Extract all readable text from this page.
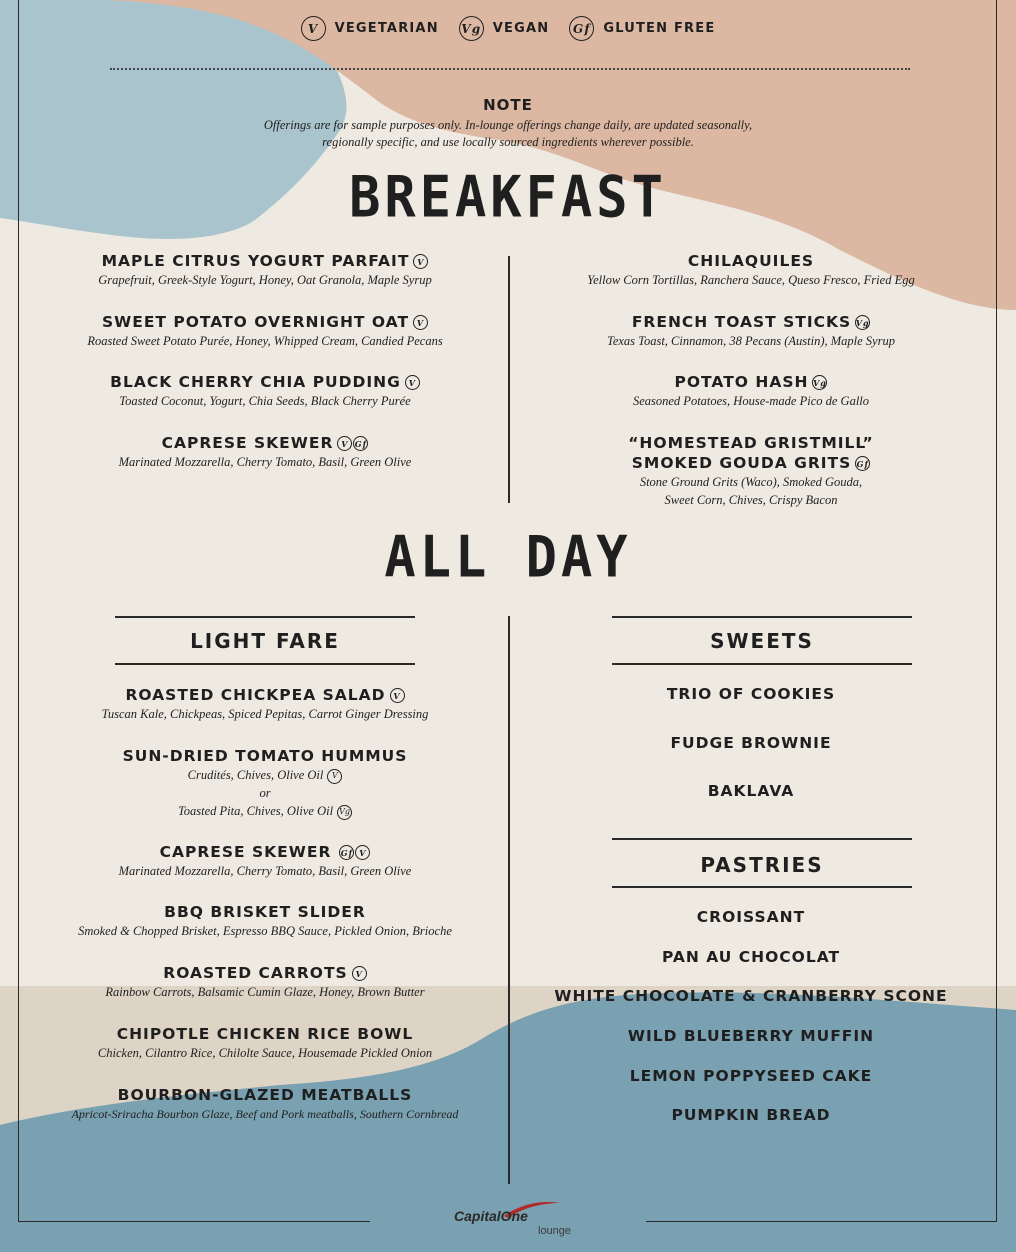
V	VEGETARIAN Vg VEGAN Gf GLUTEN FREE
NOTE
Offerings are for sample purposes only. In-lounge offerings change daily, are updated seasonally,
regionally specific, and use locally sourced ingredients wherever possible.
BREAKFAST
MAPLE CITRUS YOGURT PARFAIT V
Grapefruit, Greek-Style Yogurt, Honey, Oat Granola, Maple Syrup
SWEET POTATO OVERNIGHT OAT V
Roasted Sweet Potato Purée, Honey, Whipped Cream, Candied Pecans
BLACK CHERRY CHIA PUDDING V
Toasted Coconut, Yogurt, Chia Seeds, Black Cherry Purée
CAPRESE SKEWER V Gf
Marinated Mozzarella, Cherry Tomato, Basil, Green Olive
CHILAQUILES
Yellow Corn Tortillas, Ranchera Sauce, Queso Fresco, Fried Egg
FRENCH TOAST STICKS Vg
Texas Toast, Cinnamon, 38 Pecans (Austin), Maple Syrup
POTATO HASH Vg
Seasoned Potatoes, House-made Pico de Gallo
“HOMESTEAD GRISTMILL”
SMOKED GOUDA GRITS Gf
Stone Ground Grits (Waco), Smoked Gouda,
Sweet Corn, Chives, Crispy Bacon
ALL DAY
LIGHT FARE	SWEETS
ROASTED CHICKPEA SALAD V
Tuscan Kale, Chickpeas, Spiced Pepitas, Carrot Ginger Dressing
SUN-DRIED TOMATO HUMMUS
Crudités, Chives, Olive Oil V
or
Toasted Pita, Chives, Olive Oil Vg
CAPRESE SKEWER Gf V
Marinated Mozzarella, Cherry Tomato, Basil, Green Olive
BBQ BRISKET SLIDER
Smoked & Chopped Brisket, Espresso BBQ Sauce, Pickled Onion, Brioche
ROASTED CARROTS V
Rainbow Carrots, Balsamic Cumin Glaze, Honey, Brown Butter
CHIPOTLE CHICKEN RICE BOWL
Chicken, Cilantro Rice, Chilolte Sauce, Housemade Pickled Onion
BOURBON-GLAZED MEATBALLS
Apricot-Sriracha Bourbon Glaze, Beef and Pork meatballs, Southern Cornbread
TRIO OF COOKIES
FUDGE BROWNIE
BAKLAVA
PASTRIES
CROISSANT
PAN AU CHOCOLAT
WHITE CHOCOLATE & CRANBERRY SCONE
WILD BLUEBERRY MUFFIN
LEMON POPPYSEED CAKE
PUMPKIN BREAD
CapitalOne
lounge
